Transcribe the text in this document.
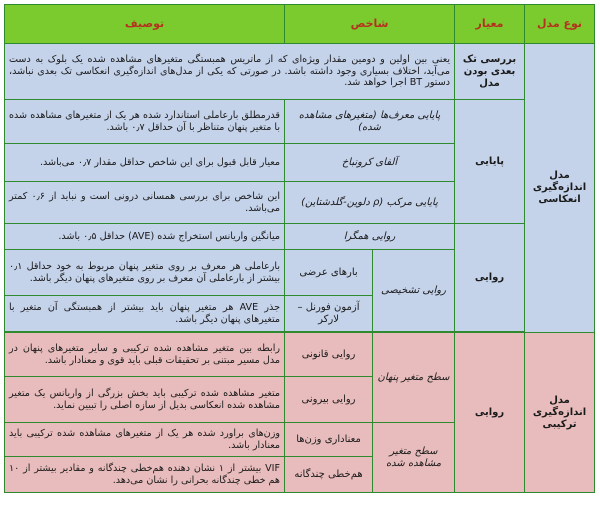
نوع مدل	معیار	شاخص		توصیف
مدل اندازه‌گیری انعکاسی	بررسی تک بعدی بودن مدل	یعنی بین اولین و دومین مقدار ویژه‌ای که از ماتریس همبستگی متغیرهای مشاهده شده یک بلوک به دست می‌آید، اختلاف بسیاری وجود داشته باشد. در صورتی که یکی از مدل‌های اندازه‌گیری انعکاسی تک بعدی نباشد، دستور BT اجرا خواهد شد.		
	پایایی	پایایی معرف‌ها (متغیرهای مشاهده شده)		قدرمطلق بارعاملی استاندارد شده هر یک از متغیرهای مشاهده شده با متغیر پنهان متناظر با آن حداقل ۰٫۷ باشد.
		آلفای کرونباخ		معیار قابل قبول برای این شاخص حداقل مقدار ۰٫۷ می‌باشد.
		پایایی مرکب (ρ دلوین-گلدشتاین)		این شاخص برای بررسی همسانی درونی است و نباید از ۰٫۶ کمتر می‌باشد.
	روایی	روایی همگرا		میانگین واریانس استخراج شده (AVE) حداقل ۰٫۵ باشد.
		روایی تشخیصی	بارهای عرضی	بارعاملی هر معرف بر روی متغیر پنهان مربوط به خود حداقل ۰٫۱ بیشتر از بارعاملی آن معرف بر روی متغیرهای پنهان دیگر باشد.
			آزمون فورنل – لارکر	جذر AVE هر متغیر پنهان باید بیشتر از همبستگی آن متغیر با متغیرهای پنهان دیگر باشد.

مدل اندازه‌گیری ترکیبی	روایی	سطح متغیر پنهان	روایی قانونی	رابطه بین متغیر مشاهده شده ترکیبی و سایر متغیرهای پنهان در مدل مسیر مبتنی بر تحقیقات قبلی باید قوی و معنادار باشد.
			روایی بیرونی	متغیر مشاهده شده ترکیبی باید بخش بزرگی از واریانس یک متغیر مشاهده شده انعکاسی بدیل از سازه اصلی را تبیین نماید.
		سطح متغیر مشاهده شده	معناداری وزن‌ها	وزن‌های براورد شده هر یک از متغیرهای مشاهده شده ترکیبی باید معنادار باشد.
			هم‌خطی چندگانه	VIF بیشتر از ۱ نشان دهنده هم‌خطی چندگانه و مقادیر بیشتر از ۱۰ هم خطی چندگانه بحرانی را نشان می‌دهد.
